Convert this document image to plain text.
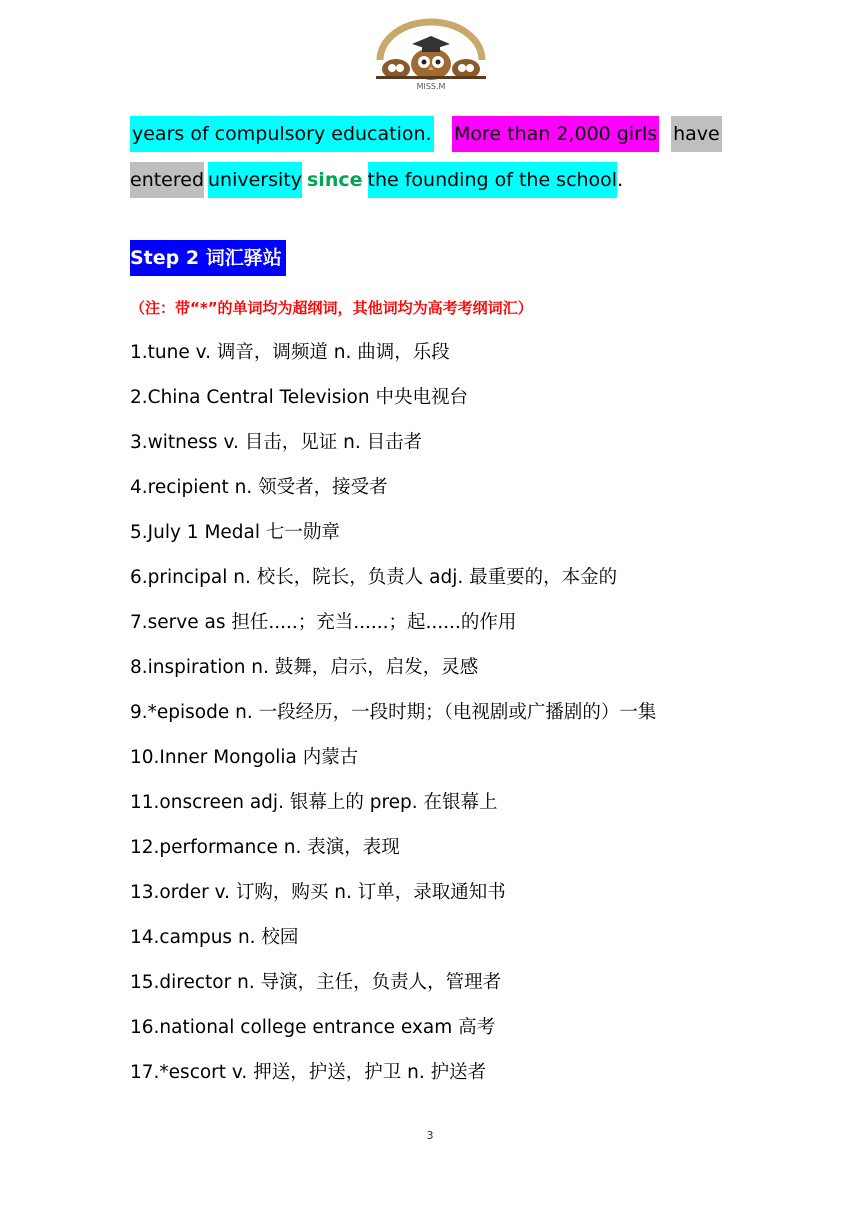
MISS.M
years of compulsory education. More than 2,000 girls have
entered university since the founding of the school.
Step 2 词汇驿站
（注：带“*”的单词均为超纲词，其他词均为高考考纲词汇）
1.tune v. 调音，调频道 n. 曲调，乐段
2.China Central Television 中央电视台
3.witness v. 目击，见证 n. 目击者
4.recipient n. 领受者，接受者
5.July 1 Medal 七一勋章
6.principal n. 校长，院长，负责人 adj. 最重要的，本金的
7.serve as 担任.....；充当......；起......的作用
8.inspiration n. 鼓舞，启示，启发，灵感
9.*episode n. 一段经历，一段时期；（电视剧或广播剧的）一集
10.Inner Mongolia 内蒙古
11.onscreen adj. 银幕上的 prep. 在银幕上
12.performance n. 表演，表现
13.order v. 订购，购买 n. 订单，录取通知书
14.campus n. 校园
15.director n. 导演，主任，负责人，管理者
16.national college entrance exam 高考
17.*escort v. 押送，护送，护卫 n. 护送者
3
